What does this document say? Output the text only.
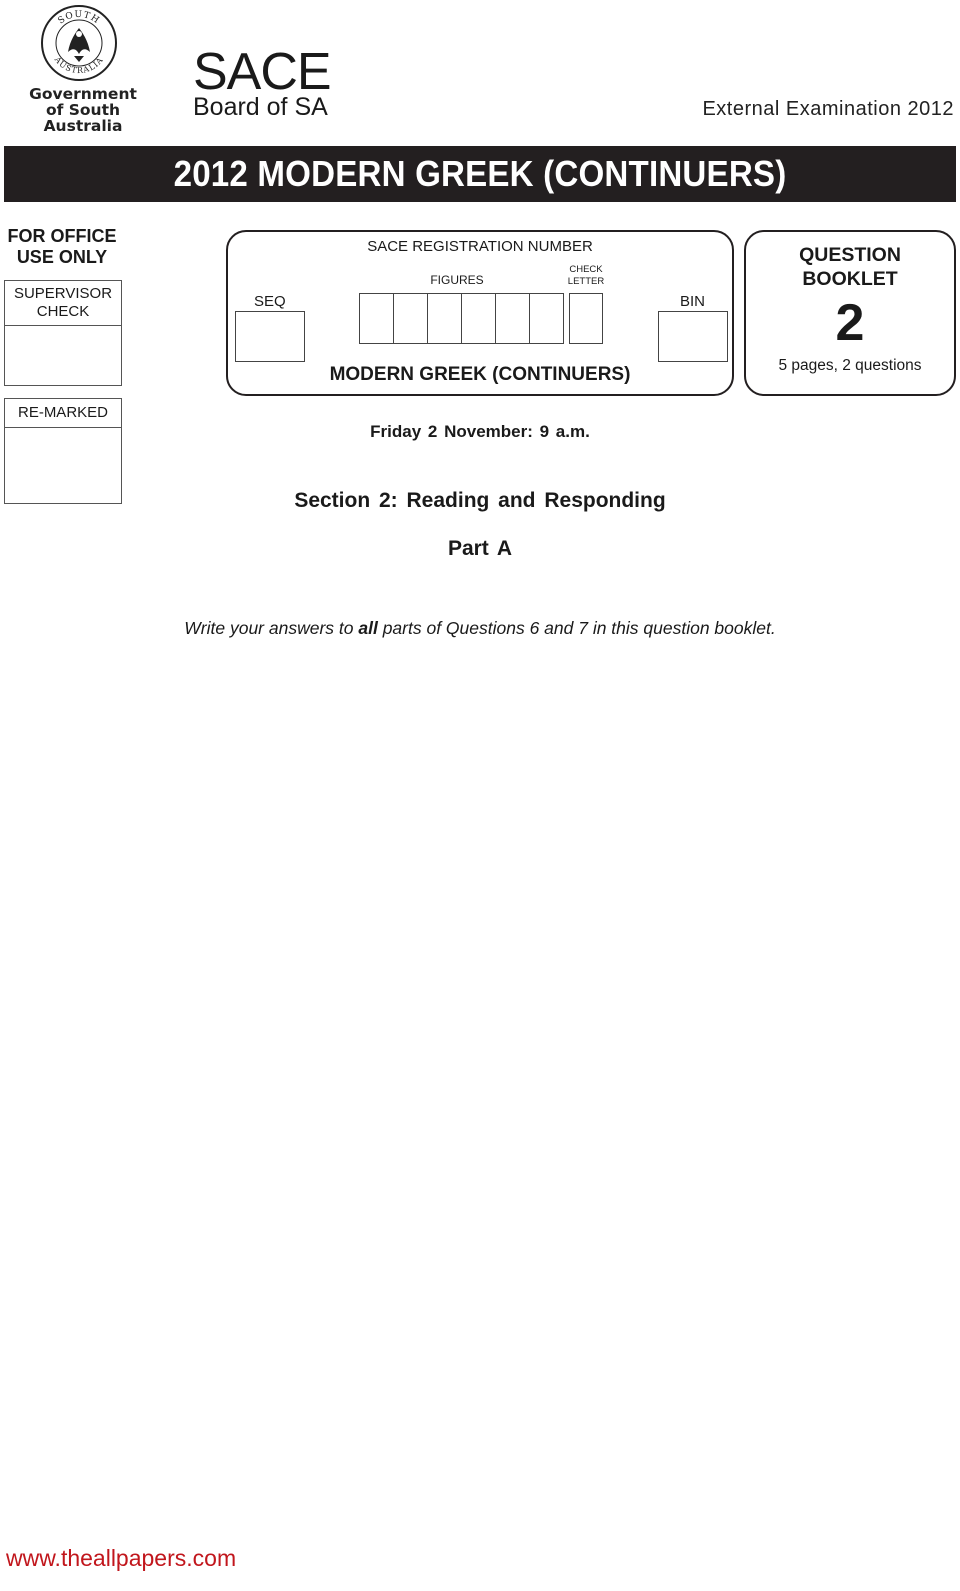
SOUTH
AUSTRALIA
Government
of South Australia
SACE
Board of SA	External Examination 2012
2012 MODERN GREEK (CONTINUERS)
FOR OFFICE
USE ONLY
SUPERVISOR
CHECK
RE-MARKED
SACE REGISTRATION NUMBER
FIGURES
CHECK
LETTER
SEQ	BIN
MODERN GREEK (CONTINUERS)
QUESTION
BOOKLET
2
5 pages, 2 questions
Friday 2 November: 9 a.m.
Section 2: Reading and Responding
Part A
Write your answers to all parts of Questions 6 and 7 in this question booklet.
www.theallpapers.com
